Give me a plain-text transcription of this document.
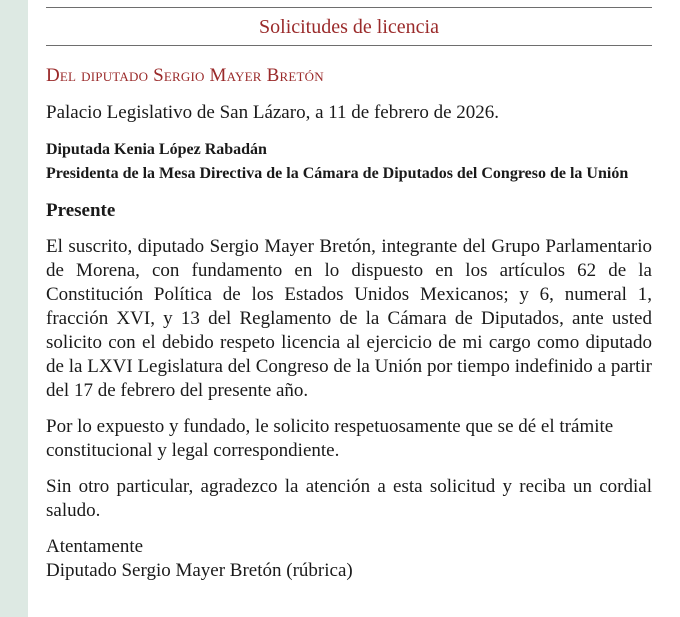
Solicitudes de licencia
Del diputado Sergio Mayer Bretón

Palacio Legislativo de San Lázaro, a 11 de febrero de 2026.

Diputada Kenia López Rabadán
Presidenta de la Mesa Directiva de la Cámara de Diputados del Congreso de la Unión

Presente

El suscrito, diputado Sergio Mayer Bretón, integrante del Grupo Parlamentario de Morena, con fundamento en lo dispuesto en los artículos 62 de la Constitución Política de los Estados Unidos Mexicanos; y 6, numeral 1, fracción XVI, y 13 del Reglamento de la Cámara de Diputados, ante usted solicito con el debido respeto licencia al ejercicio de mi cargo como diputado de la LXVI Legislatura del Congreso de la Unión por tiempo indefinido a partir del 17 de febrero del presente año.

Por lo expuesto y fundado, le solicito respetuosamente que se dé el trámite constitucional y legal correspondiente.

Sin otro particular, agradezco la atención a esta solicitud y reciba un cordial saludo.

Atentamente

Diputado Sergio Mayer Bretón (rúbrica)
